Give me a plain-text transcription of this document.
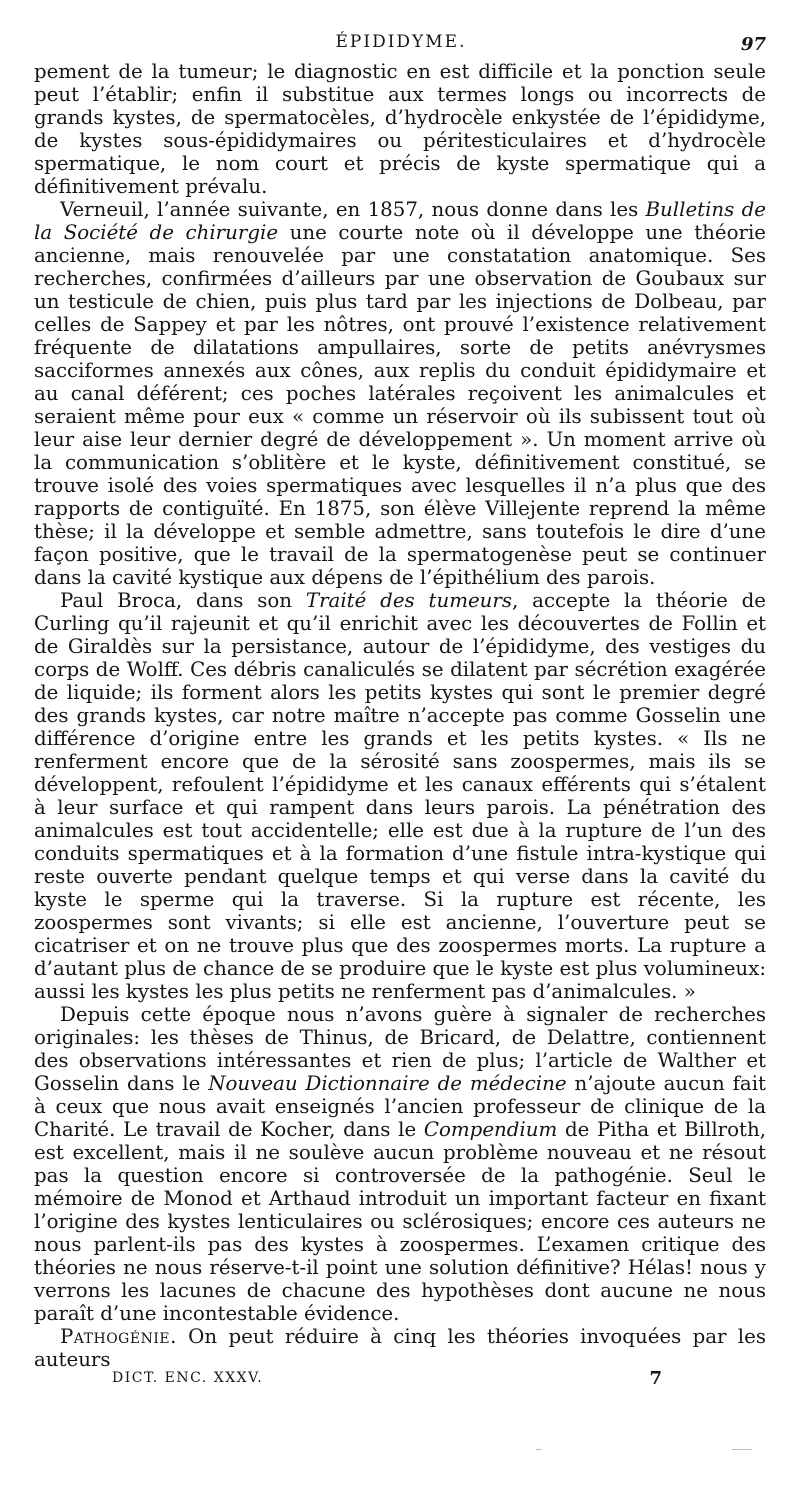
ÉPIDIDYME.	97

pement de la tumeur; le diagnostic en est difficile et la ponction seule peut l’établir; enfin il substitue aux termes longs ou incorrects de grands kystes, de spermatocèles, d’hydrocèle enkystée de l’épididyme, de kystes sous-épididymaires ou péritesticulaires et d’hydrocèle spermatique, le nom court et précis de kyste spermatique qui a définitivement prévalu.

Verneuil, l’année suivante, en 1857, nous donne dans les Bulletins de la Société de chirurgie une courte note où il développe une théorie ancienne, mais renouvelée par une constatation anatomique. Ses recherches, confirmées d’ailleurs par une observation de Goubaux sur un testicule de chien, puis plus tard par les injections de Dolbeau, par celles de Sappey et par les nôtres, ont prouvé l’existence relativement fréquente de dilatations ampullaires, sorte de petits anévrysmes sacciformes annexés aux cônes, aux replis du conduit épididymaire et au canal déférent; ces poches latérales reçoivent les animalcules et seraient même pour eux « comme un réservoir où ils subissent tout où leur aise leur dernier degré de développement ». Un moment arrive où la communication s’oblitère et le kyste, définitivement constitué, se trouve isolé des voies spermatiques avec lesquelles il n’a plus que des rapports de contiguïté. En 1875, son élève Villejente reprend la même thèse; il la développe et semble admettre, sans toutefois le dire d’une façon positive, que le travail de la spermatogenèse peut se continuer dans la cavité kystique aux dépens de l’épithélium des parois.

Paul Broca, dans son Traité des tumeurs, accepte la théorie de Curling qu’il rajeunit et qu’il enrichit avec les découvertes de Follin et de Giraldès sur la persistance, autour de l’épididyme, des vestiges du corps de Wolff. Ces débris canaliculés se dilatent par sécrétion exagérée de liquide; ils forment alors les petits kystes qui sont le premier degré des grands kystes, car notre maître n’accepte pas comme Gosselin une différence d’origine entre les grands et les petits kystes. « Ils ne renferment encore que de la sérosité sans zoospermes, mais ils se développent, refoulent l’épididyme et les canaux efférents qui s’étalent à leur surface et qui rampent dans leurs parois. La pénétration des animalcules est tout accidentelle; elle est due à la rupture de l’un des conduits spermatiques et à la formation d’une fistule intra-kystique qui reste ouverte pendant quelque temps et qui verse dans la cavité du kyste le sperme qui la traverse. Si la rupture est récente, les zoospermes sont vivants; si elle est ancienne, l’ouverture peut se cicatriser et on ne trouve plus que des zoospermes morts. La rupture a d’autant plus de chance de se produire que le kyste est plus volumineux: aussi les kystes les plus petits ne renferment pas d’animalcules. »

Depuis cette époque nous n’avons guère à signaler de recherches originales: les thèses de Thinus, de Bricard, de Delattre, contiennent des observations intéressantes et rien de plus; l’article de Walther et Gosselin dans le Nouveau Dictionnaire de médecine n’ajoute aucun fait à ceux que nous avait enseignés l’ancien professeur de clinique de la Charité. Le travail de Kocher, dans le Compendium de Pitha et Billroth, est excellent, mais il ne soulève aucun problème nouveau et ne résout pas la question encore si controversée de la pathogénie. Seul le mémoire de Monod et Arthaud introduit un important facteur en fixant l’origine des kystes lenticulaires ou sclérosiques; encore ces auteurs ne nous parlent-ils pas des kystes à zoospermes. L’examen critique des théories ne nous réserve-t-il point une solution définitive? Hélas! nous y verrons les lacunes de chacune des hypothèses dont aucune ne nous paraît d’une incontestable évidence.

Pathogénie. On peut réduire à cinq les théories invoquées par les auteurs

DICT. ENC. XXXV.	7
